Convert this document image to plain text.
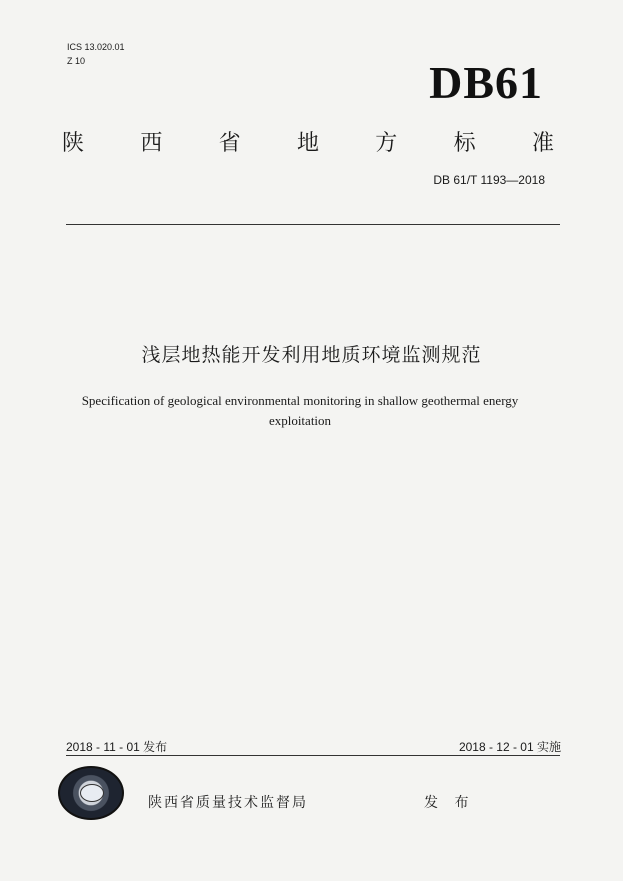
ICS 13.020.01
Z 10	DB61
陕	西	省	地	方	标	准
DB 61/T 1193—2018
浅层地热能开发利用地质环境监测规范
Specification of geological environmental monitoring in shallow geothermal energy
exploitation
2018 - 11 - 01 发布	2018 - 12 - 01 实施
陕西省质量技术监督局	发 布
